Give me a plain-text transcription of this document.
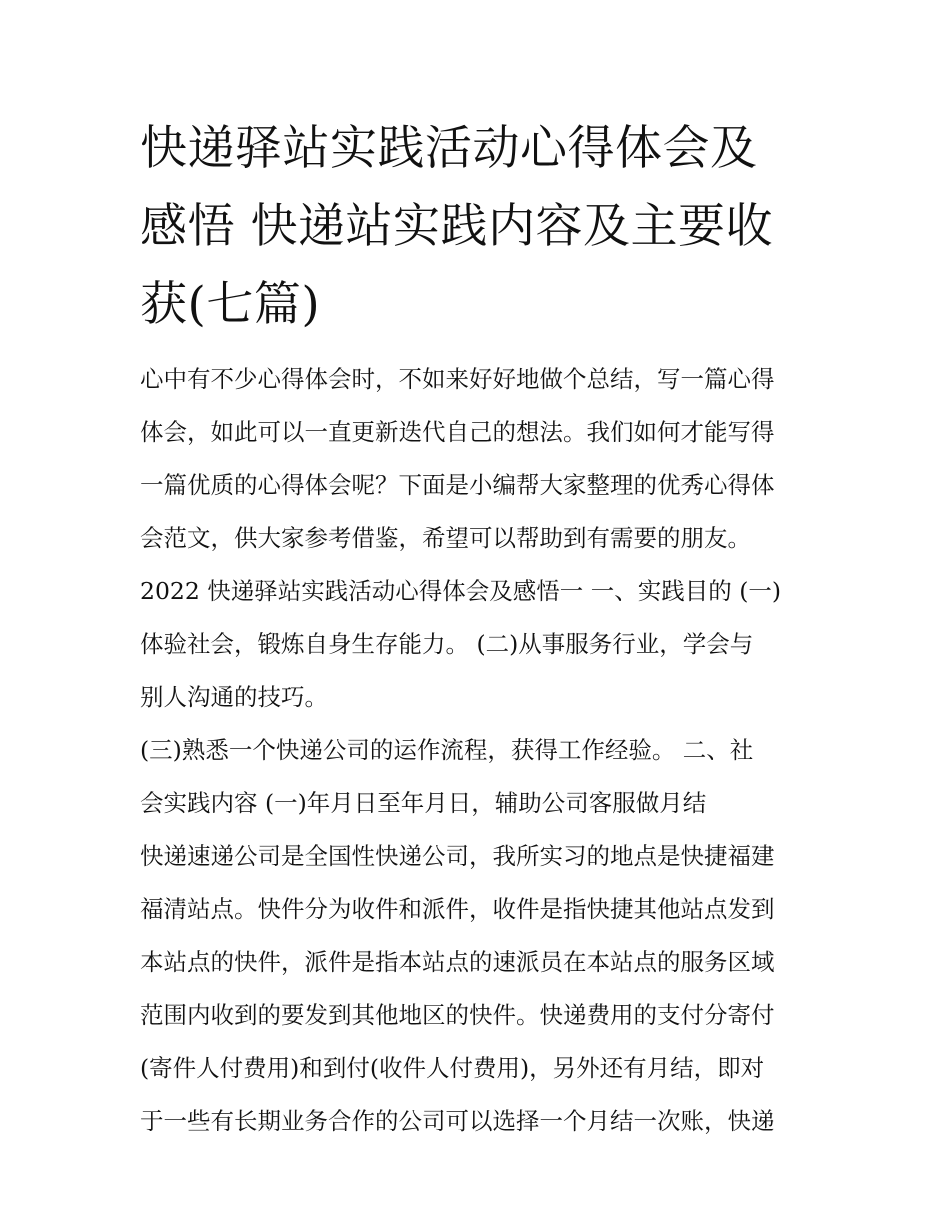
快递驿站实践活动心得体会及
感悟 快递站实践内容及主要收
获(七篇)
心中有不少心得体会时，不如来好好地做个总结，写一篇心得
体会，如此可以一直更新迭代自己的想法。我们如何才能写得
一篇优质的心得体会呢？下面是小编帮大家整理的优秀心得体
会范文，供大家参考借鉴，希望可以帮助到有需要的朋友。
2022 快递驿站实践活动心得体会及感悟一 一、实践目的 (一)
体验社会，锻炼自身生存能力。 (二)从事服务行业，学会与
别人沟通的技巧。
(三)熟悉一个快递公司的运作流程，获得工作经验。 二、社
会实践内容 (一)年月日至年月日，辅助公司客服做月结
快递速递公司是全国性快递公司，我所实习的地点是快捷福建
福清站点。快件分为收件和派件，收件是指快捷其他站点发到
本站点的快件，派件是指本站点的速派员在本站点的服务区域
范围内收到的要发到其他地区的快件。快递费用的支付分寄付
(寄件人付费用)和到付(收件人付费用)，另外还有月结，即对
于一些有长期业务合作的公司可以选择一个月结一次账，快递
